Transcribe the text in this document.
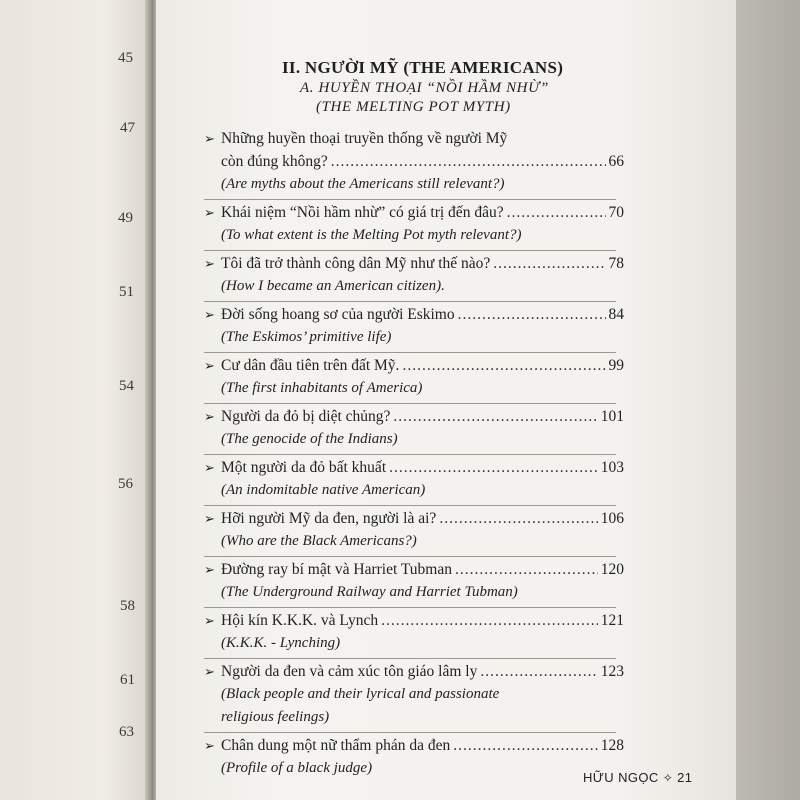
45
47
49
51
54
56
58
61
63
II. NGƯỜI MỸ (THE AMERICANS)
A. HUYỀN THOẠI “NỒI HẦM NHỪ”
(THE MELTING POT MYTH)
➢ Những huyền thoại truyền thống về người Mỹ
còn đúng không? .....	66
(Are myths about the Americans still relevant?)
➢ Khái niệm “Nồi hầm nhừ” có giá trị đến đâu? .....	70
(To what extent is the Melting Pot myth relevant?)
➢ Tôi đã trở thành công dân Mỹ như thế nào? .....	78
(How I became an American citizen).
➢ Đời sống hoang sơ của người Eskimo .....	84
(The Eskimos’ primitive life)
➢ Cư dân đầu tiên trên đất Mỹ. .....	99
(The first inhabitants of America)
➢ Người da đỏ bị diệt chủng? .....	101
(The genocide of the Indians)
➢ Một người da đỏ bất khuất .....	103
(An indomitable native American)
➢ Hỡi người Mỹ da đen, người là ai? .....	106
(Who are the Black Americans?)
➢ Đường ray bí mật và Harriet Tubman .....	120
(The Underground Railway and Harriet Tubman)
➢ Hội kín K.K.K. và Lynch .....	121
(K.K.K. - Lynching)
➢ Người da đen và cảm xúc tôn giáo lâm ly .....	123
(Black people and their lyrical and passionate
religious feelings)
➢ Chân dung một nữ thẩm phán da đen .....	128
(Profile of a black judge)
HỮU NGỌC ✧ 21
